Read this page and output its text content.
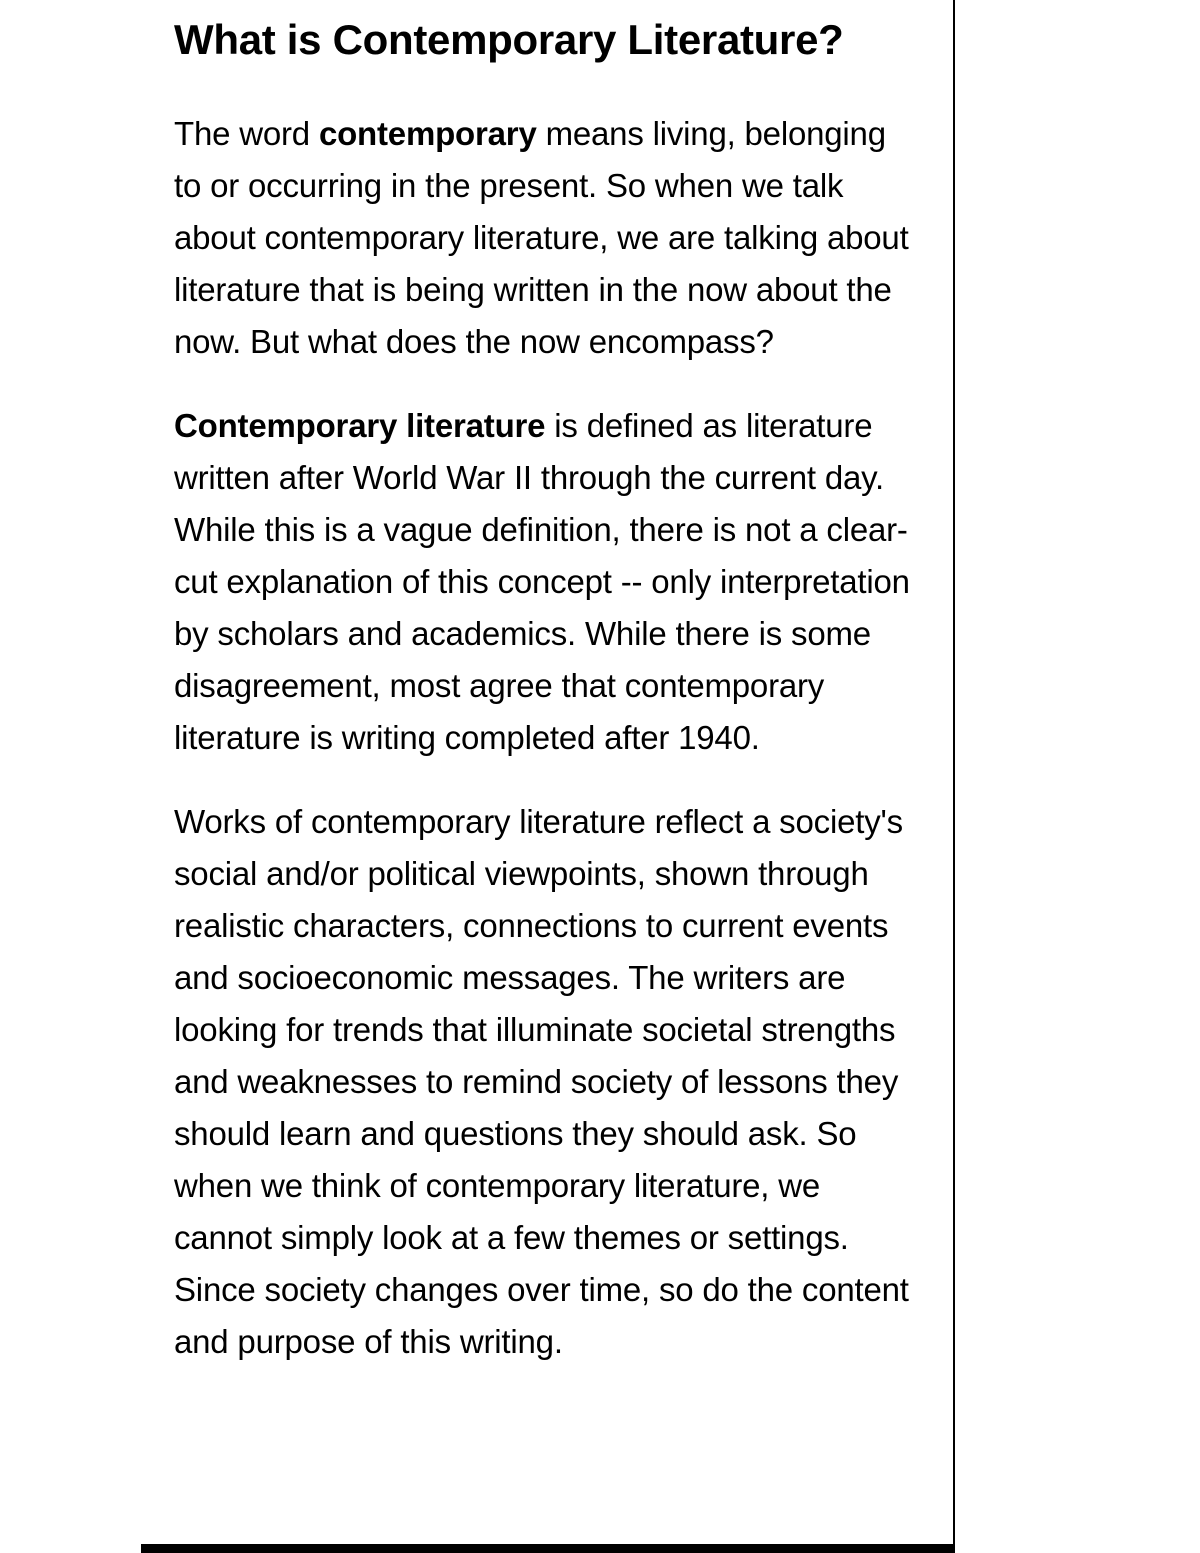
What is Contemporary Literature?

The word contemporary means living, belonging to or occurring in the present. So when we talk about contemporary literature, we are talking about literature that is being written in the now about the now. But what does the now encompass?

Contemporary literature is defined as literature written after World War II through the current day. While this is a vague definition, there is not a clear-cut explanation of this concept -- only interpretation by scholars and academics. While there is some disagreement, most agree that contemporary literature is writing completed after 1940.

Works of contemporary literature reflect a society's social and/or political viewpoints, shown through realistic characters, connections to current events and socioeconomic messages. The writers are looking for trends that illuminate societal strengths and weaknesses to remind society of lessons they should learn and questions they should ask. So when we think of contemporary literature, we cannot simply look at a few themes or settings. Since society changes over time, so do the content and purpose of this writing.
